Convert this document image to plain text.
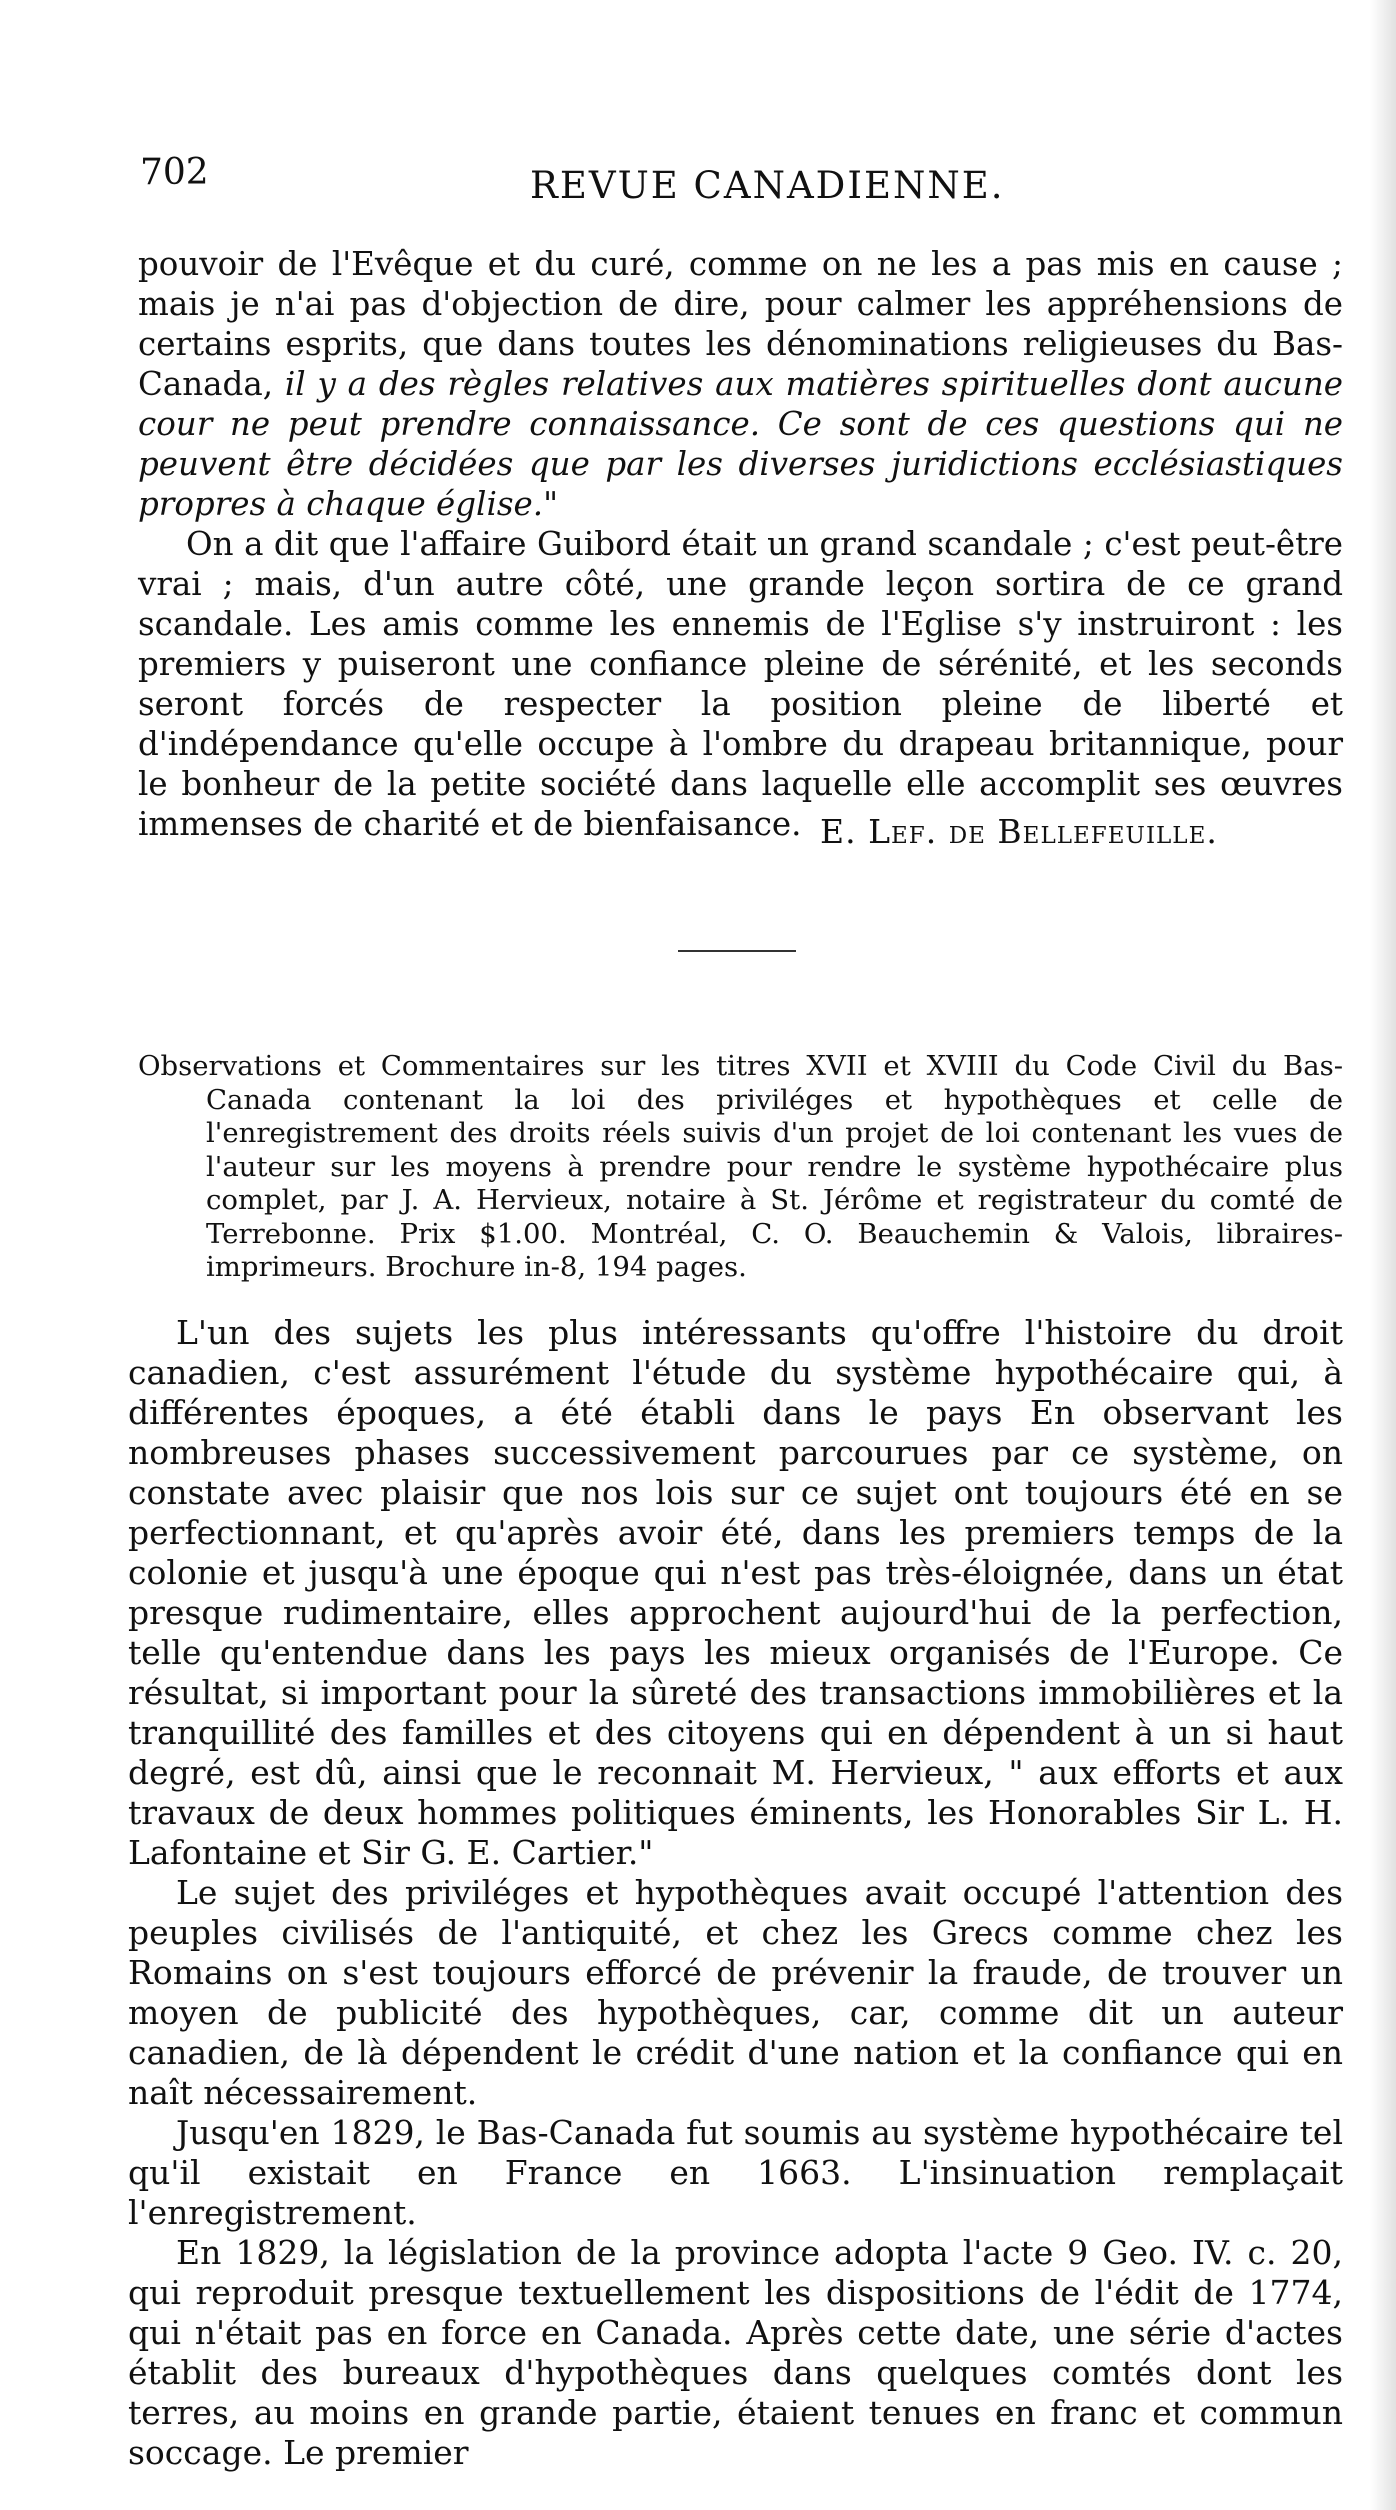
702	REVUE CANADIENNE.

pouvoir de l'Evêque et du curé, comme on ne les a pas mis en cause ; mais je n'ai pas d'objection de dire, pour calmer les appréhensions de certains esprits, que dans toutes les dénominations religieuses du Bas-Canada, il y a des règles relatives aux matières spirituelles dont aucune cour ne peut prendre connaissance. Ce sont de ces questions qui ne peuvent être décidées que par les diverses juridictions ecclésiastiques propres à chaque église."

On a dit que l'affaire Guibord était un grand scandale ; c'est peut-être vrai ; mais, d'un autre côté, une grande leçon sortira de ce grand scandale. Les amis comme les ennemis de l'Eglise s'y instruiront : les premiers y puiseront une confiance pleine de sérénité, et les seconds seront forcés de respecter la position pleine de liberté et d'indépendance qu'elle occupe à l'ombre du drapeau britannique, pour le bonheur de la petite société dans laquelle elle accomplit ses œuvres immenses de charité et de bienfaisance. E. Lef. de Bellefeuille.
Observations et Commentaires sur les titres XVII et XVIII du Code Civil du Bas-Canada contenant la loi des priviléges et hypothèques et celle de l'enregistrement des droits réels suivis d'un projet de loi contenant les vues de l'auteur sur les moyens à prendre pour rendre le système hypothécaire plus complet, par J. A. Hervieux, notaire à St. Jérôme et registrateur du comté de Terrebonne. Prix $1.00. Montréal, C. O. Beauchemin & Valois, libraires-imprimeurs. Brochure in-8, 194 pages.

L'un des sujets les plus intéressants qu'offre l'histoire du droit canadien, c'est assurément l'étude du système hypothécaire qui, à différentes époques, a été établi dans le pays En observant les nombreuses phases successivement parcourues par ce système, on constate avec plaisir que nos lois sur ce sujet ont toujours été en se perfectionnant, et qu'après avoir été, dans les premiers temps de la colonie et jusqu'à une époque qui n'est pas très-éloignée, dans un état presque rudimentaire, elles approchent aujourd'hui de la perfection, telle qu'entendue dans les pays les mieux organisés de l'Europe. Ce résultat, si important pour la sûreté des transactions immobilières et la tranquillité des familles et des citoyens qui en dépendent à un si haut degré, est dû, ainsi que le reconnait M. Hervieux, " aux efforts et aux travaux de deux hommes politiques éminents, les Honorables Sir L. H. Lafontaine et Sir G. E. Cartier."

Le sujet des priviléges et hypothèques avait occupé l'attention des peuples civilisés de l'antiquité, et chez les Grecs comme chez les Romains on s'est toujours efforcé de prévenir la fraude, de trouver un moyen de publicité des hypothèques, car, comme dit un auteur canadien, de là dépendent le crédit d'une nation et la confiance qui en naît nécessairement.

Jusqu'en 1829, le Bas-Canada fut soumis au système hypothécaire tel qu'il existait en France en 1663. L'insinuation remplaçait l'enregistrement.

En 1829, la législation de la province adopta l'acte 9 Geo. IV. c. 20, qui reproduit presque textuellement les dispositions de l'édit de 1774, qui n'était pas en force en Canada. Après cette date, une série d'actes établit des bureaux d'hypothèques dans quelques comtés dont les terres, au moins en grande partie, étaient tenues en franc et commun soccage. Le premier
